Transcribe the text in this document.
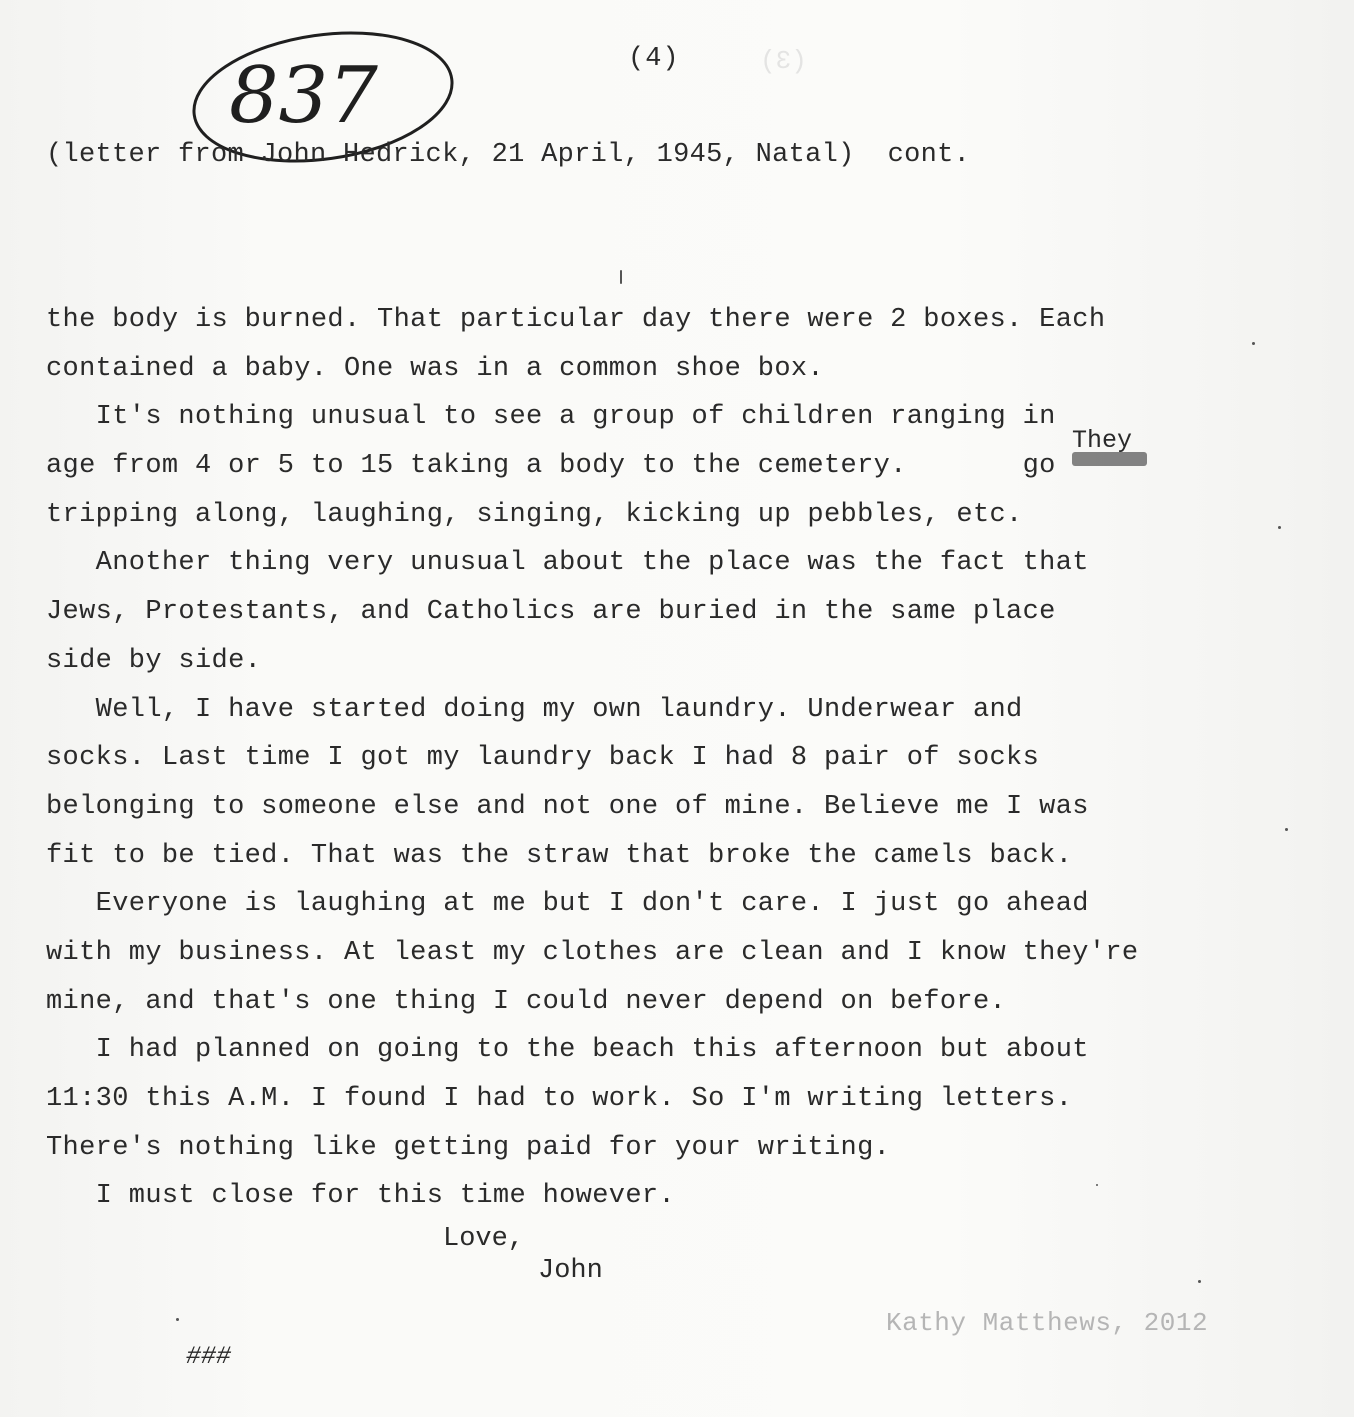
(3)
837	(4)
(letter from John Hedrick, 21 April, 1945, Natal)  cont.
the body is burned. That particular day there were 2 boxes. Each
contained a baby. One was in a common shoe box.
It's nothing unusual to see a group of children ranging in
age from 4 or 5 to 15 taking a body to the cemetery.       go
tripping along, laughing, singing, kicking up pebbles, etc.
Another thing very unusual about the place was the fact that
Jews, Protestants, and Catholics are buried in the same place
side by side.
Well, I have started doing my own laundry. Underwear and
socks. Last time I got my laundry back I had 8 pair of socks
belonging to someone else and not one of mine. Believe me I was
fit to be tied. That was the straw that broke the camels back.
Everyone is laughing at me but I don't care. I just go ahead
with my business. At least my clothes are clean and I know they're
mine, and that's one thing I could never depend on before.
I had planned on going to the beach this afternoon but about
11:30 this A.M. I found I had to work. So I'm writing letters.
There's nothing like getting paid for your writing.
I must close for this time however.
They
Love,
John
###
Kathy Matthews, 2012
